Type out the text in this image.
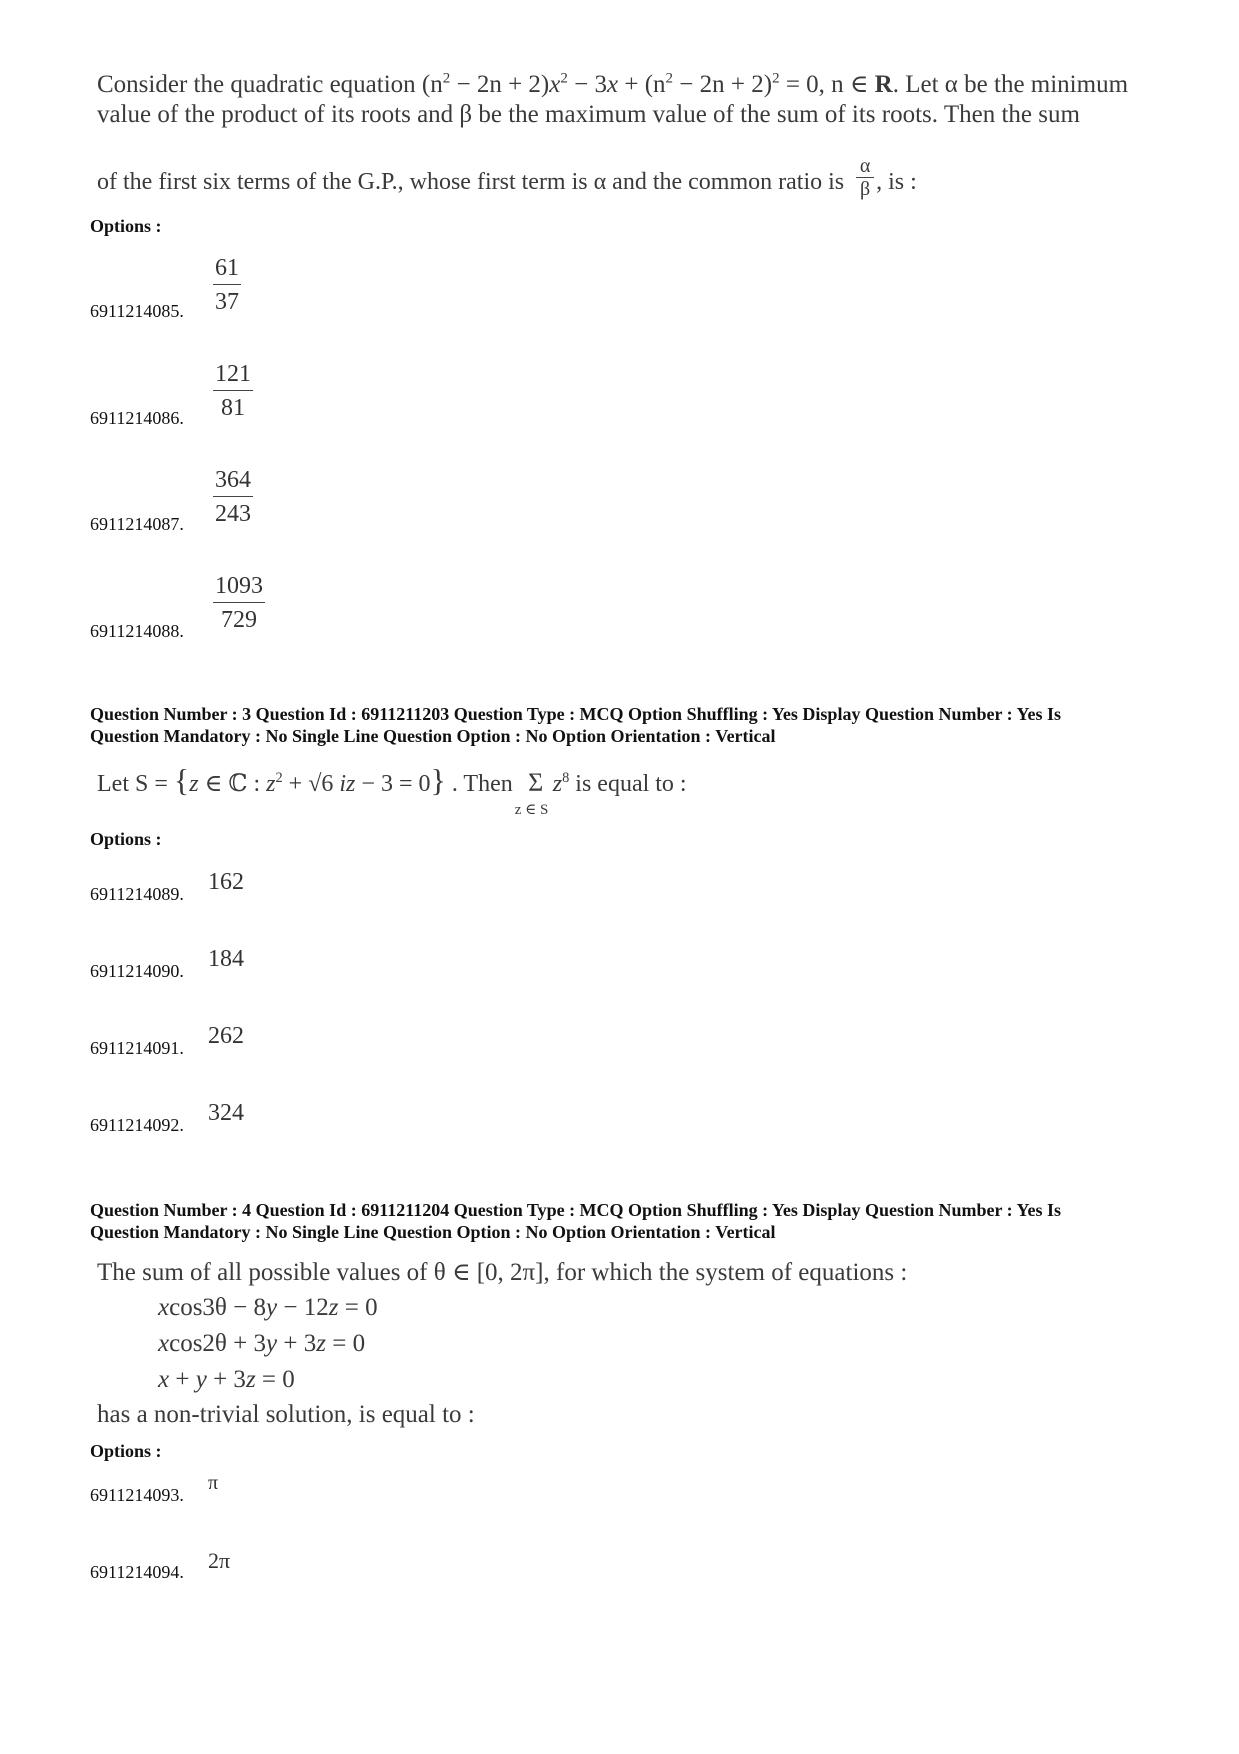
Consider the quadratic equation $(n^2 - 2n + 2)x^2 - 3x + (n^2 - 2n + 2)^2 = 0$, n ∈ R. Let α be the minimum
value of the product of its roots and β be the maximum value of the sum of its roots. Then the sum
of the first six terms of the G.P., whose first term is α and the common ratio is $\frac{\alpha}{\beta}$ , is :
Options :
6911214085.
61
37
6911214086.
121
81
6911214087.
364
243
6911214088.
1093
729
Question Number : 3 Question Id : 6911211203 Question Type : MCQ Option Shuffling : Yes Display Question Number : Yes Is
Question Mandatory : No Single Line Question Option : No Option Orientation : Vertical
Let S = {z ∈ ℂ : $z^2 + √6$ iz − 3 = 0} . Then Σ
z ∈ S
$z^8$ is equal to :
Options :
6911214089. 162
6911214090. 184
6911214091. 262
6911214092. 324
Question Number : 4 Question Id : 6911211204 Question Type : MCQ Option Shuffling : Yes Display Question Number : Yes Is
Question Mandatory : No Single Line Question Option : No Option Orientation : Vertical
The sum of all possible values of θ ∈ [0, 2π], for which the system of equations :
xcos3θ − 8y − 12z = 0
xcos2θ + 3y + 3z = 0
x + y + 3z = 0
has a non-trivial solution, is equal to :
Options :
6911214093.
π
6911214094. 2π
